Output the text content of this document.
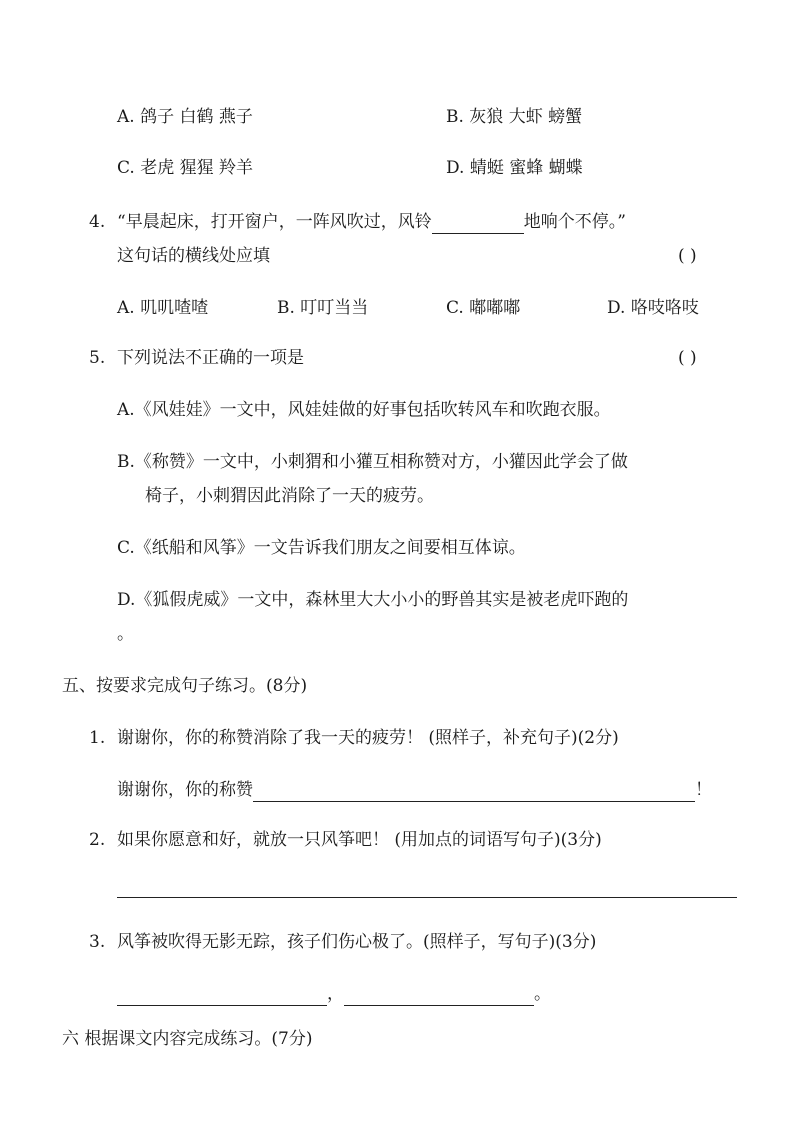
A. 鸽子 白鹤 燕子	B. 灰狼 大虾 螃蟹
C. 老虎 猩猩 羚羊	D. 蜻蜓 蜜蜂 蝴蝶
4. “早晨起床，打开窗户，一阵风吹过，风铃	地响个不停。”
这句话的横线处应填	( )
A. 叽叽喳喳	B. 叮叮当当	C. 嘟嘟嘟	D. 咯吱咯吱
5. 下列说法不正确的一项是	( )
A.《风娃娃》一文中，风娃娃做的好事包括吹转风车和吹跑衣服。
B.《称赞》一文中，小刺猬和小獾互相称赞对方，小獾因此学会了做
椅子，小刺猬因此消除了一天的疲劳。
C.《纸船和风筝》一文告诉我们朋友之间要相互体谅。
D.《狐假虎威》一文中，森林里大大小小的野兽其实是被老虎吓跑的
。
五、按要求完成句子练习。(8分)
1. 谢谢你，你的称赞消除了我一天的疲劳！ (照样子，补充句子)(2分)
谢谢你，你的称赞	！
2. 如果你愿意和好，就放一只风筝吧！ (用加点的词语写句子)(3分)
3. 风筝被吹得无影无踪，孩子们伤心极了。(照样子，写句子)(3分)
，	。
六 根据课文内容完成练习。(7分)
